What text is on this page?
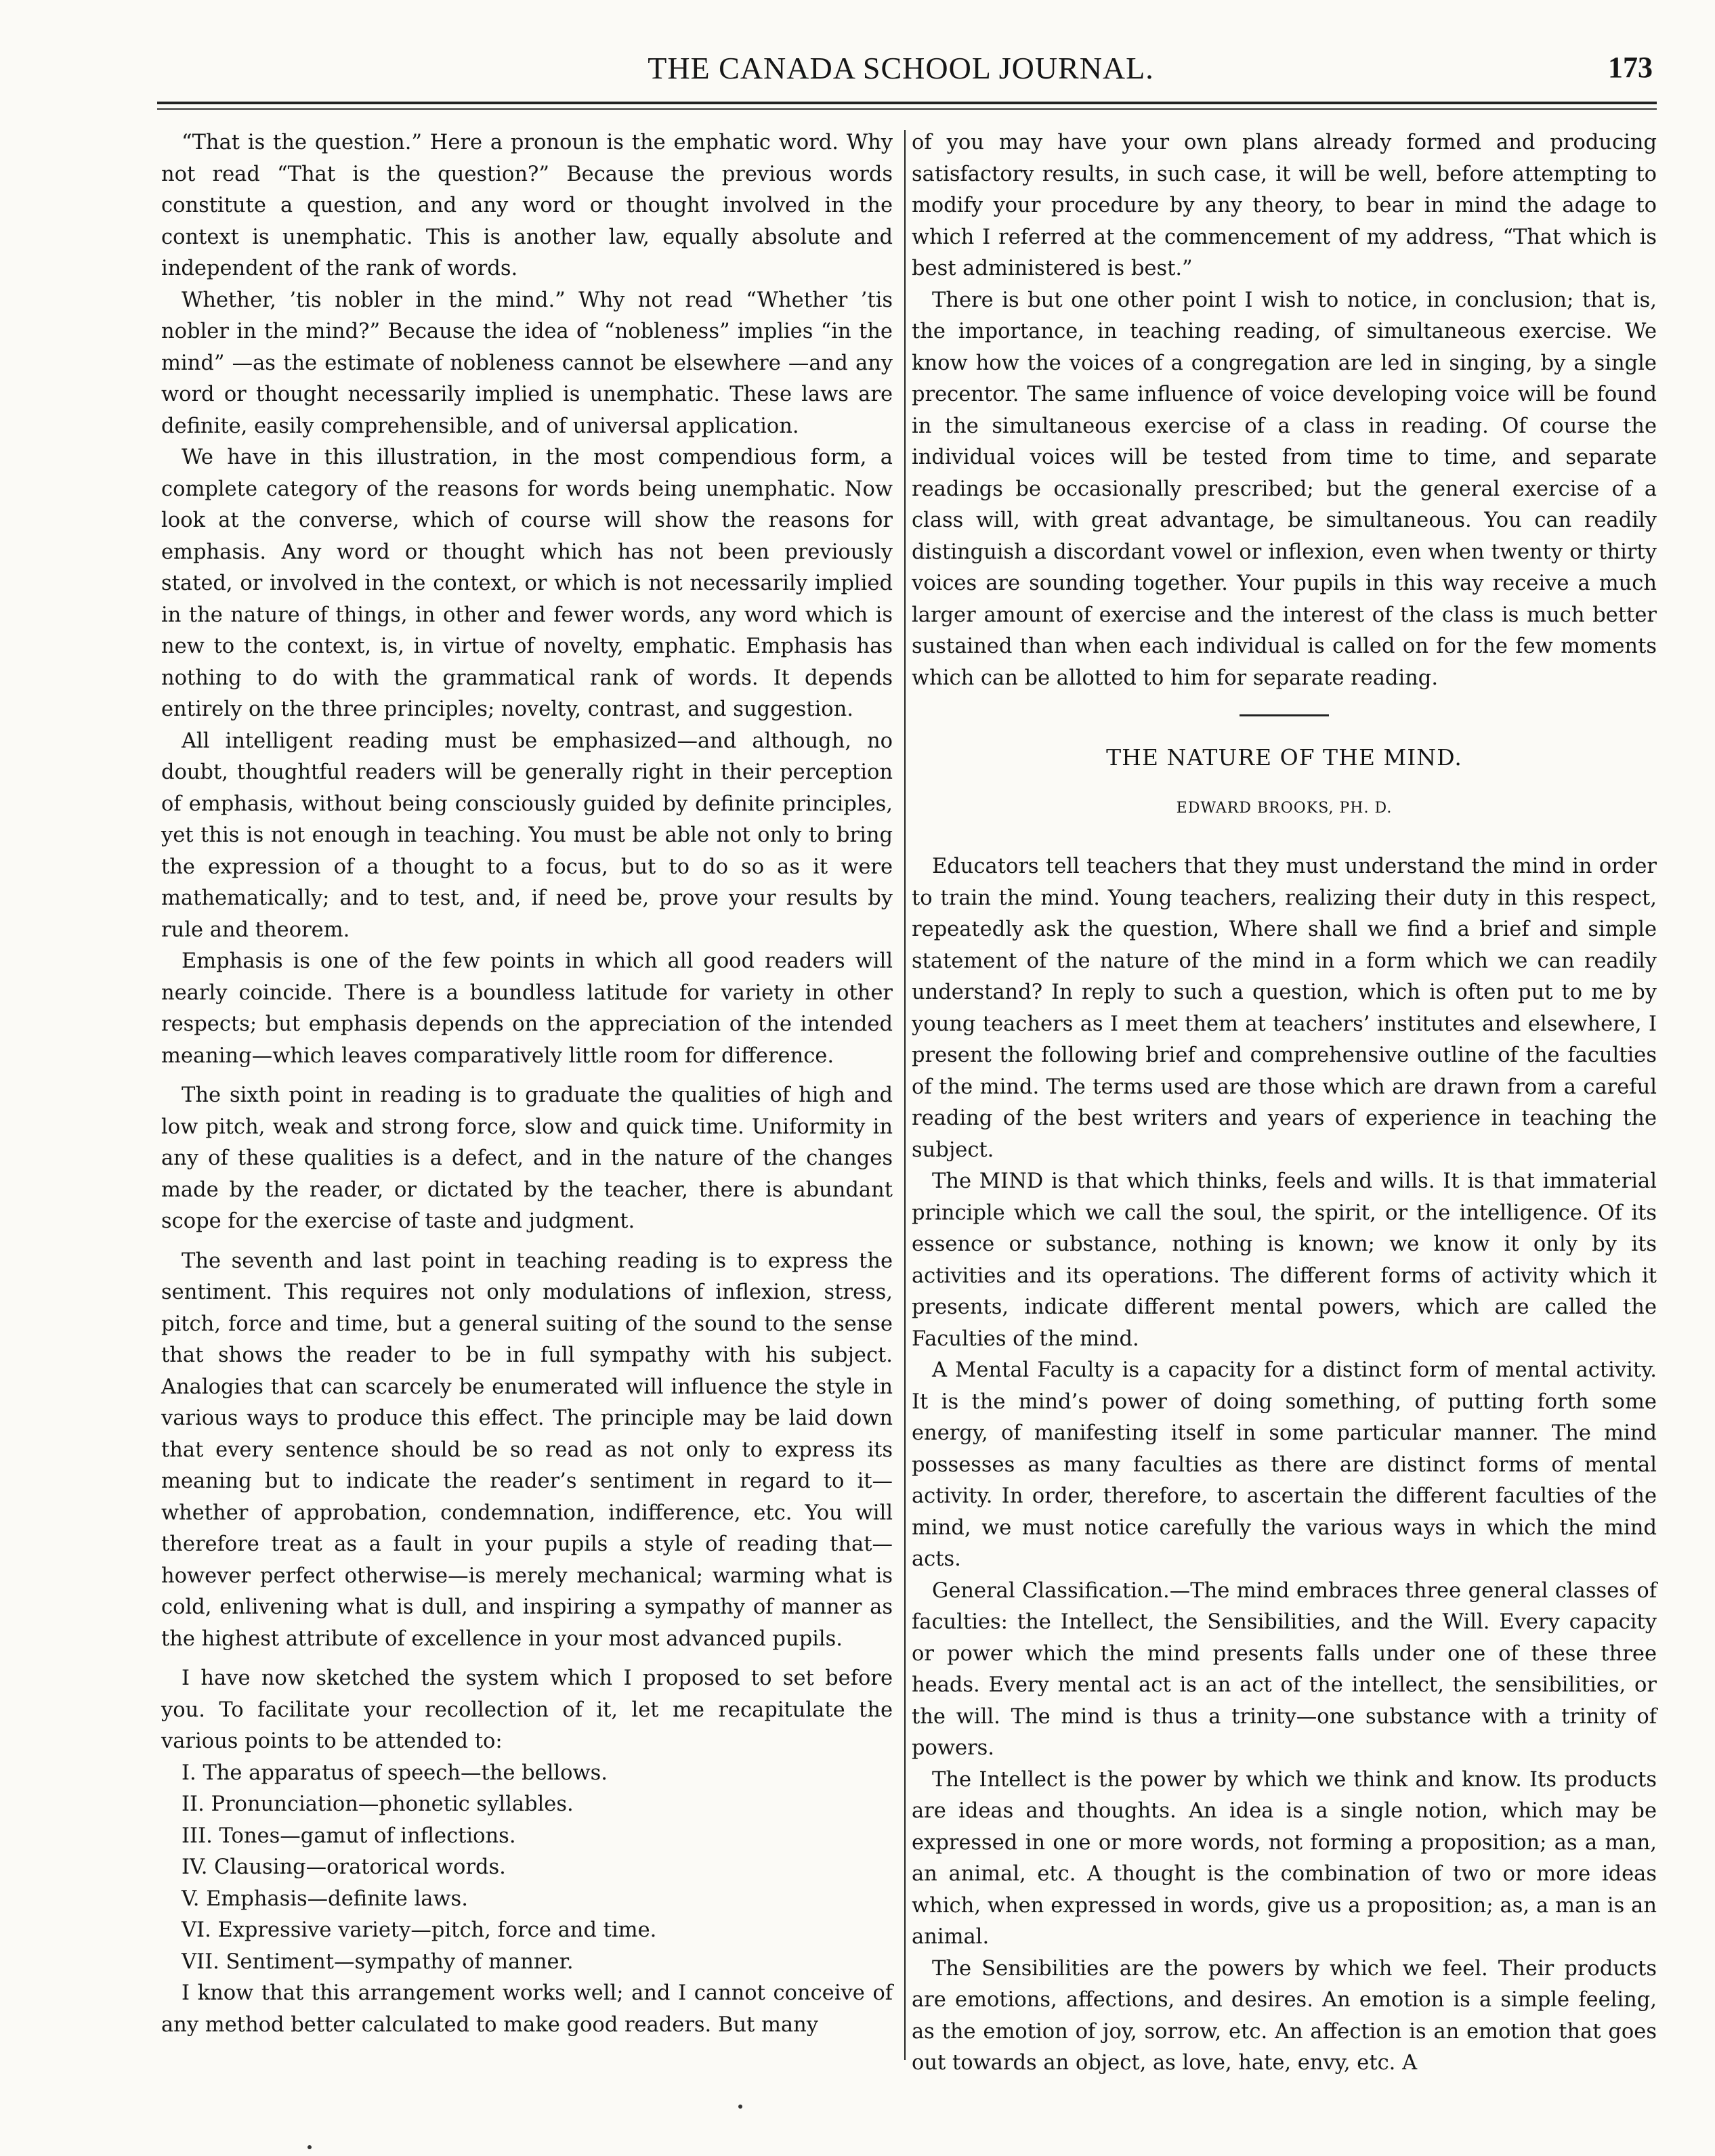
THE CANADA SCHOOL JOURNAL.	173

“That is the question.” Here a pronoun is the emphatic word. Why not read “That is the question?” Because the previous words constitute a question, and any word or thought involved in the context is unemphatic. This is another law, equally absolute and independent of the rank of words.

Whether, ’tis nobler in the mind.” Why not read “Whether ’tis nobler in the mind?” Because the idea of “nobleness” implies “in the mind” —as the estimate of nobleness cannot be elsewhere —and any word or thought necessarily implied is unemphatic. These laws are definite, easily comprehensible, and of universal application.

We have in this illustration, in the most compendious form, a complete category of the reasons for words being unemphatic. Now look at the converse, which of course will show the reasons for emphasis. Any word or thought which has not been previously stated, or involved in the context, or which is not necessarily implied in the nature of things, in other and fewer words, any word which is new to the context, is, in virtue of novelty, emphatic. Emphasis has nothing to do with the grammatical rank of words. It depends entirely on the three principles; novelty, contrast, and suggestion.

All intelligent reading must be emphasized—and although, no doubt, thoughtful readers will be generally right in their perception of emphasis, without being consciously guided by definite principles, yet this is not enough in teaching. You must be able not only to bring the expression of a thought to a focus, but to do so as it were mathematically; and to test, and, if need be, prove your results by rule and theorem.

Emphasis is one of the few points in which all good readers will nearly coincide. There is a boundless latitude for variety in other respects; but emphasis depends on the appreciation of the intended meaning—which leaves comparatively little room for difference.

The sixth point in reading is to graduate the qualities of high and low pitch, weak and strong force, slow and quick time. Uniformity in any of these qualities is a defect, and in the nature of the changes made by the reader, or dictated by the teacher, there is abundant scope for the exercise of taste and judgment.

The seventh and last point in teaching reading is to express the sentiment. This requires not only modulations of inflexion, stress, pitch, force and time, but a general suiting of the sound to the sense that shows the reader to be in full sympathy with his subject. Analogies that can scarcely be enumerated will influence the style in various ways to produce this effect. The principle may be laid down that every sentence should be so read as not only to express its meaning but to indicate the reader’s sentiment in regard to it—whether of approbation, condemnation, indifference, etc. You will therefore treat as a fault in your pupils a style of reading that—however perfect otherwise—is merely mechanical; warming what is cold, enlivening what is dull, and inspiring a sympathy of manner as the highest attribute of excellence in your most advanced pupils.

I have now sketched the system which I proposed to set before you. To facilitate your recollection of it, let me recapitulate the various points to be attended to:

I. The apparatus of speech—the bellows.
II. Pronunciation—phonetic syllables.
III. Tones—gamut of inflections.
IV. Clausing—oratorical words.
V. Emphasis—definite laws.
VI. Expressive variety—pitch, force and time.
VII. Sentiment—sympathy of manner.

I know that this arrangement works well; and I cannot conceive of any method better calculated to make good readers. But many

of you may have your own plans already formed and producing satisfactory results, in such case, it will be well, before attempting to modify your procedure by any theory, to bear in mind the adage to which I referred at the commencement of my address, “That which is best administered is best.”

There is but one other point I wish to notice, in conclusion; that is, the importance, in teaching reading, of simultaneous exercise. We know how the voices of a congregation are led in singing, by a single precentor. The same influence of voice developing voice will be found in the simultaneous exercise of a class in reading. Of course the individual voices will be tested from time to time, and separate readings be occasionally prescribed; but the general exercise of a class will, with great advantage, be simultaneous. You can readily distinguish a discordant vowel or inflexion, even when twenty or thirty voices are sounding together. Your pupils in this way receive a much larger amount of exercise and the interest of the class is much better sustained than when each individual is called on for the few moments which can be allotted to him for separate reading.

THE NATURE OF THE MIND.
EDWARD BROOKS, PH. D.

Educators tell teachers that they must understand the mind in order to train the mind. Young teachers, realizing their duty in this respect, repeatedly ask the question, Where shall we find a brief and simple statement of the nature of the mind in a form which we can readily understand? In reply to such a question, which is often put to me by young teachers as I meet them at teachers’ institutes and elsewhere, I present the following brief and comprehensive outline of the faculties of the mind. The terms used are those which are drawn from a careful reading of the best writers and years of experience in teaching the subject.

The MIND is that which thinks, feels and wills. It is that immaterial principle which we call the soul, the spirit, or the intelligence. Of its essence or substance, nothing is known; we know it only by its activities and its operations. The different forms of activity which it presents, indicate different mental powers, which are called the Faculties of the mind.

A Mental Faculty is a capacity for a distinct form of mental activity. It is the mind’s power of doing something, of putting forth some energy, of manifesting itself in some particular manner. The mind possesses as many faculties as there are distinct forms of mental activity. In order, therefore, to ascertain the different faculties of the mind, we must notice carefully the various ways in which the mind acts.

General Classification.—The mind embraces three general classes of faculties: the Intellect, the Sensibilities, and the Will. Every capacity or power which the mind presents falls under one of these three heads. Every mental act is an act of the intellect, the sensibilities, or the will. The mind is thus a trinity—one substance with a trinity of powers.

The Intellect is the power by which we think and know. Its products are ideas and thoughts. An idea is a single notion, which may be expressed in one or more words, not forming a proposition; as a man, an animal, etc. A thought is the combination of two or more ideas which, when expressed in words, give us a proposition; as, a man is an animal.

The Sensibilities are the powers by which we feel. Their products are emotions, affections, and desires. An emotion is a simple feeling, as the emotion of joy, sorrow, etc. An affection is an emotion that goes out towards an object, as love, hate, envy, etc. A
